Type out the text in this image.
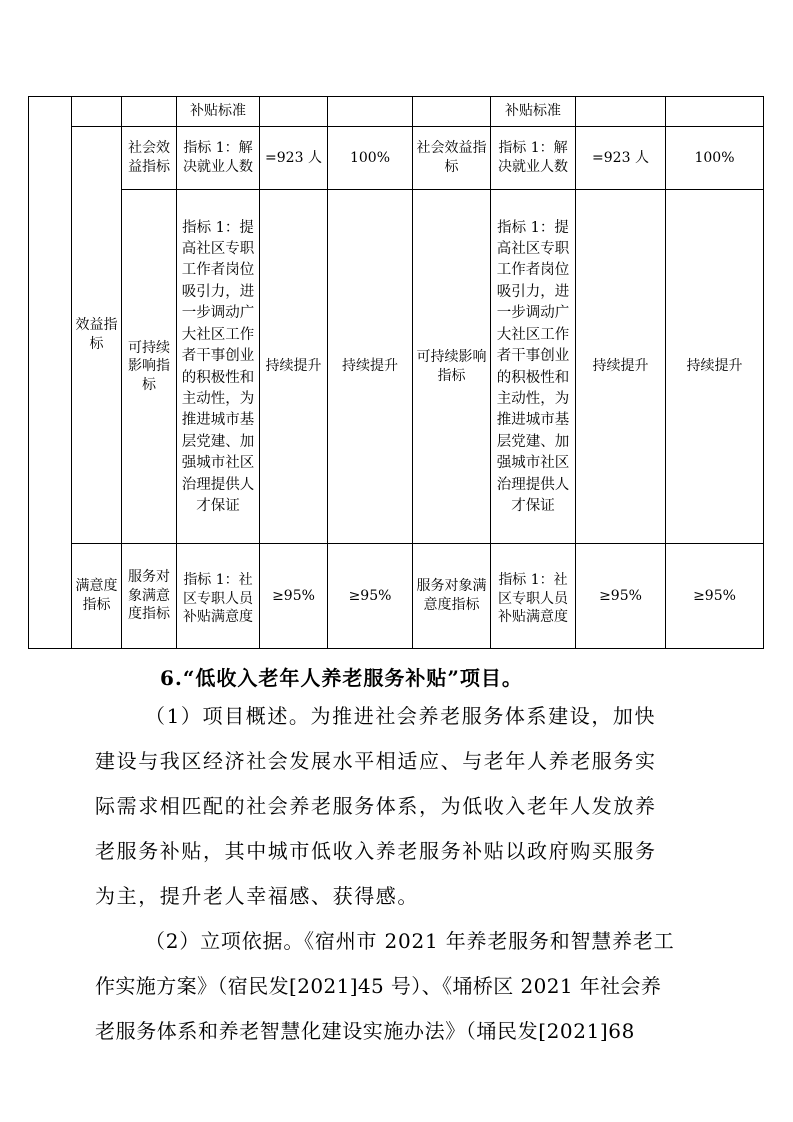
			补贴标准				补贴标准		
	效益指标	社会效益指标	指标 1：解决就业人数	=923 人	100%	社会效益指标	指标 1：解决就业人数	=923 人	100%
		可持续影响指标	指标 1：提高社区专职工作者岗位吸引力，进一步调动广大社区工作者干事创业的积极性和主动性，为推进城市基层党建、加强城市社区治理提供人才保证	持续提升	持续提升	可持续影响指标	指标 1：提高社区专职工作者岗位吸引力，进一步调动广大社区工作者干事创业的积极性和主动性，为推进城市基层党建、加强城市社区治理提供人才保证	持续提升	持续提升
	满意度指标	服务对象满意度指标	指标 1：社区专职人员补贴满意度	≥95%	≥95%	服务对象满意度指标	指标 1：社区专职人员补贴满意度	≥95%	≥95%
6.“低收入老年人养老服务补贴”项目。
（1）项目概述。为推进社会养老服务体系建设，加快
建设与我区经济社会发展水平相适应、与老年人养老服务实
际需求相匹配的社会养老服务体系，为低收入老年人发放养
老服务补贴，其中城市低收入养老服务补贴以政府购买服务
为主，提升老人幸福感、获得感。
（2）立项依据。《宿州市 2021 年养老服务和智慧养老工
作实施方案》（宿民发[2021]45 号）、《埇桥区 2021 年社会养
老服务体系和养老智慧化建设实施办法》（埇民发[2021]68
